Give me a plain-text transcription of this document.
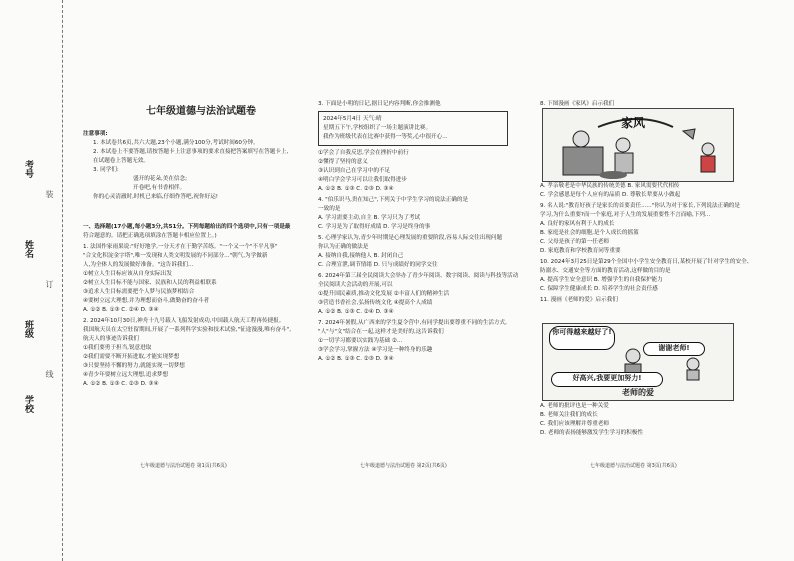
考号
姓名
班级
学校
装
订
线
七年级道德与法治试题卷

注意事项:

1. 本试卷共6页,共六大题,23个小题,满分100分,考试时间60分钟。

2. 本试卷上不要答题,请按答题卡上注意事项的要求直接把答案填写在答题卡上,

在试题卷上答题无效。

3. 同学们:

盛开的花朵,美在信念;

开卷吧,有书香相伴。

你的心灵清澈时,时机已来临,仔细作答吧,祝你好运!

一、选择题(17小题,每小题3分,共51分。下列每题给出的四个选项中,只有一项是最

符合题意的。请把正确选项填涂在答题卡相应位置上。)

1. 法国作家雨果说:"好好地学,一分天才在于勤学苦练。"一个又一个"不平凡事"

"合文化积淀金字塔",唯一发现和人类文明发展的不同部分..."朝气,为学做新

人,为全体人的发展做好准备。"这告诉我们...

①树立人生目标应该从自身实际出发

②树立人生目标不能与国家、民族和人民的利益相联系

③追求人生目标需要把个人梦与民族梦相结合

④要树立远大理想,并为理想而奋斗,做勤奋的奋斗者

A. ①② B. ①③ C. ②④ D. ③④

2. 2024年10月30日,神舟十九号载人飞船发射成功,中国载人航天工程再传捷报。

我国航天员在太空驻留期间,开展了一系列科学实验和技术试验,"征途漫漫,唯有奋斗",

航天人的事迹告诉我们

①我们要勇于担当,锐意进取

②我们需要不断开拓进取,才能实现梦想

③只要坚持不懈的努力,就能实现一切梦想

④青少年要树立远大理想,追求梦想

A. ①② B. ①③ C. ②③ D. ③④

3. 下面是小明的日记,据日记内容判断,你会推测他

2024年5月4日 天气:晴

星期五下午,学校组织了一场主题演讲比赛。

我作为班级代表在比赛中获得一等奖,心中很开心...

①学会了自我反思,学会在挫折中前行

②懂得了坚持的意义

③认识到自己在学习中的不足

④明白学会学习可以让我们取得进步

A. ①② B. ①③ C. ②③ D. ③④

4. "伯乐识马,贵在知己",下列关于中学生学习的说法正确的是

一致的是

A. 学习需要主动,自主 B. 学习只为了考试

C. 学习是为了取得好成绩 D. 学习是终身的事

5. 心理学家认为,青少年时期是心理发展的重要阶段,容易人际交往出现问题

你认为正确的做法是

A. 接纳自我,接纳他人 B. 封闭自己

C. 合理宣泄,调节情绪 D. 只与成绩好的同学交往

6. 2024年第三届全民阅读大会举办了青少年阅读、数字阅读、阅读与科技等活动

全民阅读大会活动的开展,可以

①提升国民素质,推动文化发展 ②丰富人们的精神生活

③营造书香社会,弘扬传统文化 ④提高个人成绩

A. ①② B. ①③ C. ②④ D. ③④

7. 2024年暑假,从广西来的学生夏令营中,有同学提出要尊重不同的生活方式,

"人"与"文"结合在一起,这样才是美好的,这告诉我们

①一切学习都要以实践为基础 ②...

③学会学习,掌握方法 ④学习是一种终身的乐趣

A. ①② B. ①③ C. ②③ D. ③④

8. 下图漫画《家风》启示我们

家风

A. 孝亲敬老是中华民族的传统美德 B. 家风需要代代相传

C. 学会感恩是每个人应有的品质 D. 尊敬长辈要从小做起

9. 名人说:"教育好孩子是家长的首要责任......"你认为对于家长,下列说法正确的是

学习,为什么重要?而一个家庭,对于人生的发展重要性不言而喻,下列...

A. 良好的家风有利于人的成长

B. 家庭是社会的细胞,是个人成长的摇篮

C. 父母是孩子的第一任老师

D. 家庭教育和学校教育同等重要

10. 2024年3月25日是第29个全国中小学生安全教育日,某校开展了针对学生的安全、

防溺水、交通安全等方面的教育活动,这样做的目的是

A. 提高学生安全意识 B. 增强学生的自我保护能力

C. 保障学生健康成长 D. 培养学生的社会责任感

11. 漫画《老师的爱》启示我们

你可得越来越好了!
谢谢老师!
好高兴,我要更加努力!
老师的爱

A. 老师的批评也是一种关爱

B. 老师关注我们的成长

C. 我们应该理解并尊重老师

D. 老师的表扬能够激发学生学习的积极性

七年级道德与法治试题卷 第1页(共6页)	七年级道德与法治试题卷 第2页(共6页)	七年级道德与法治试题卷 第3页(共6页)
